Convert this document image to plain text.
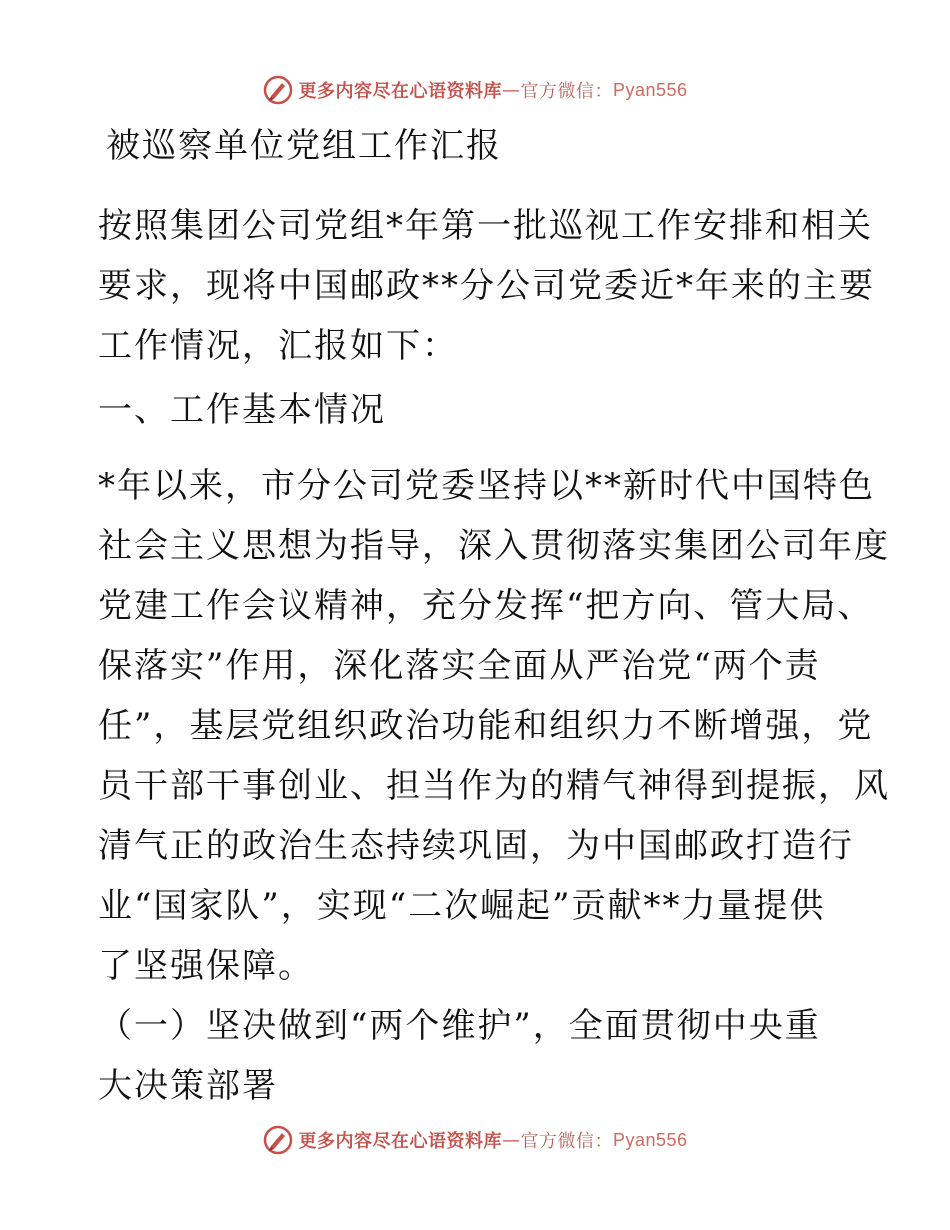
更多内容尽在心语资料库 — 官方微信： Pyan556
被巡察单位党组工作汇报

按照集团公司党组*年第一批巡视工作安排和相关
要求，现将中国邮政**分公司党委近*年来的主要
工作情况，汇报如下：

一、工作基本情况

*年以来，市分公司党委坚持以**新时代中国特色
社会主义思想为指导，深入贯彻落实集团公司年度
党建工作会议精神，充分发挥“把方向、管大局、
保落实”作用，深化落实全面从严治党“两个责
任”，基层党组织政治功能和组织力不断增强，党
员干部干事创业、担当作为的精气神得到提振，风
清气正的政治生态持续巩固，为中国邮政打造行
业“国家队”，实现“二次崛起”贡献**力量提供
了坚强保障。

（一）坚决做到“两个维护”，全面贯彻中央重
大决策部署

更多内容尽在心语资料库 — 官方微信： Pyan556
